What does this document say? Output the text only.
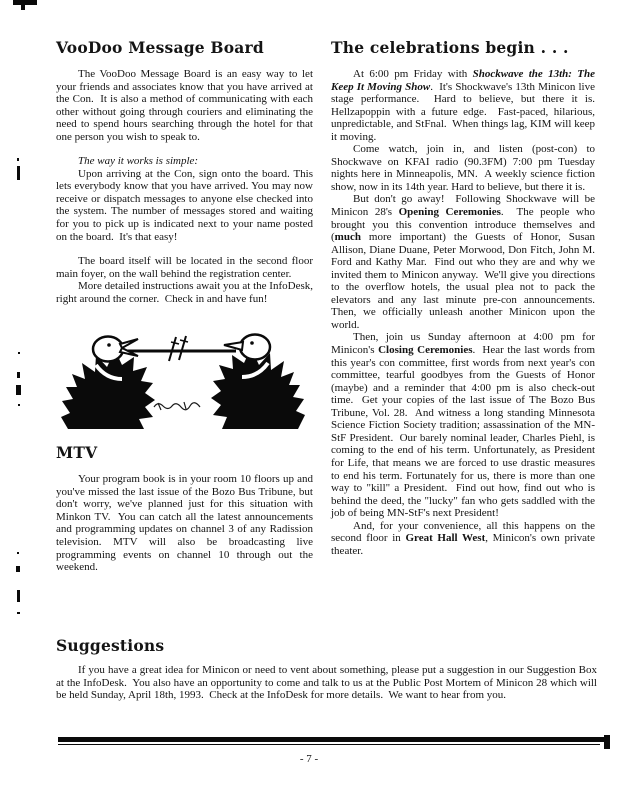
VooDoo Message Board

The VooDoo Message Board is an easy way to let your friends and associates know that you have arrived at the Con.  It is also a method of communicating with each other without going through couriers and eliminating the need to spend hours searching through the hotel for that one person you wish to speak to.

The way it works is simple:

Upon arriving at the Con, sign onto the board. This lets everybody know that you have arrived. You may now receive or dispatch messages to anyone else checked into the system. The number of messages stored and waiting for you to pick up is indicated next to your name posted on the board.  It's that easy!

The board itself will be located in the second floor main foyer, on the wall behind the registration center.

More detailed instructions await you at the InfoDesk, right around the corner.  Check in and have fun!

MTV

Your program book is in your room 10 floors up and you've missed the last issue of the Bozo Bus Tribune, but don't worry, we've planned just for this situation with Minkon TV.  You can catch all the latest announcements and programming updates on channel 3 of any Radission television. MTV will also be broadcasting live programming events on channel 10 through out the weekend.

The celebrations begin . . .

At 6:00 pm Friday with Shockwave the 13th: The Keep It Moving Show.  It's Shockwave's 13th Minicon live stage performance.  Hard to believe, but there it is.  Hellzapoppin with a future edge.  Fast-paced, hilarious, unpredictable, and StFnal.  When things lag, KIM will keep it moving.

Come watch, join in, and listen (post-con) to Shockwave on KFAI radio (90.3FM) 7:00 pm Tuesday nights here in Minneapolis, MN.  A weekly science fiction show, now in its 14th year. Hard to believe, but there it is.

But don't go away!  Following Shockwave will be Minicon 28's Opening Ceremonies.  The people who brought you this convention introduce themselves and (much more important) the Guests of Honor, Susan Allison, Diane Duane, Peter Morwood, Don Fitch, John M. Ford and Kathy Mar.  Find out who they are and why we invited them to Minicon anyway.  We'll give you directions to the overflow hotels, the usual plea not to pack the elevators and any last minute pre-con announcements.  Then, we officially unleash another Minicon upon the world.

Then, join us Sunday afternoon at 4:00 pm for Minicon's Closing Ceremonies.  Hear the last words from this year's con committee, first words from next year's con committee, tearful goodbyes from the Guests of Honor (maybe) and a reminder that 4:00 pm is also check-out time.  Get your copies of the last issue of The Bozo Bus Tribune, Vol. 28.  And witness a long standing Minnesota Science Fiction Society tradition; assassination of the MN-StF President.  Our barely nominal leader, Charles Piehl, is coming to the end of his term. Unfortunately, as President for Life, that means we are forced to use drastic measures to end his term. Fortunately for us, there is more than one way to "kill" a President.  Find out how, find out who is behind the deed, the "lucky" fan who gets saddled with the job of being MN-StF's next President!

And, for your convenience, all this happens on the second floor in Great Hall West, Minicon's own private theater.

Suggestions

If you have a great idea for Minicon or need to vent about something, please put a suggestion in our Suggestion Box at the InfoDesk.  You also have an opportunity to come and talk to us at the Public Post Mortem of Minicon 28 which will be held Sunday, April 18th, 1993.  Check at the InfoDesk for more details.  We want to hear from you.

- 7 -
